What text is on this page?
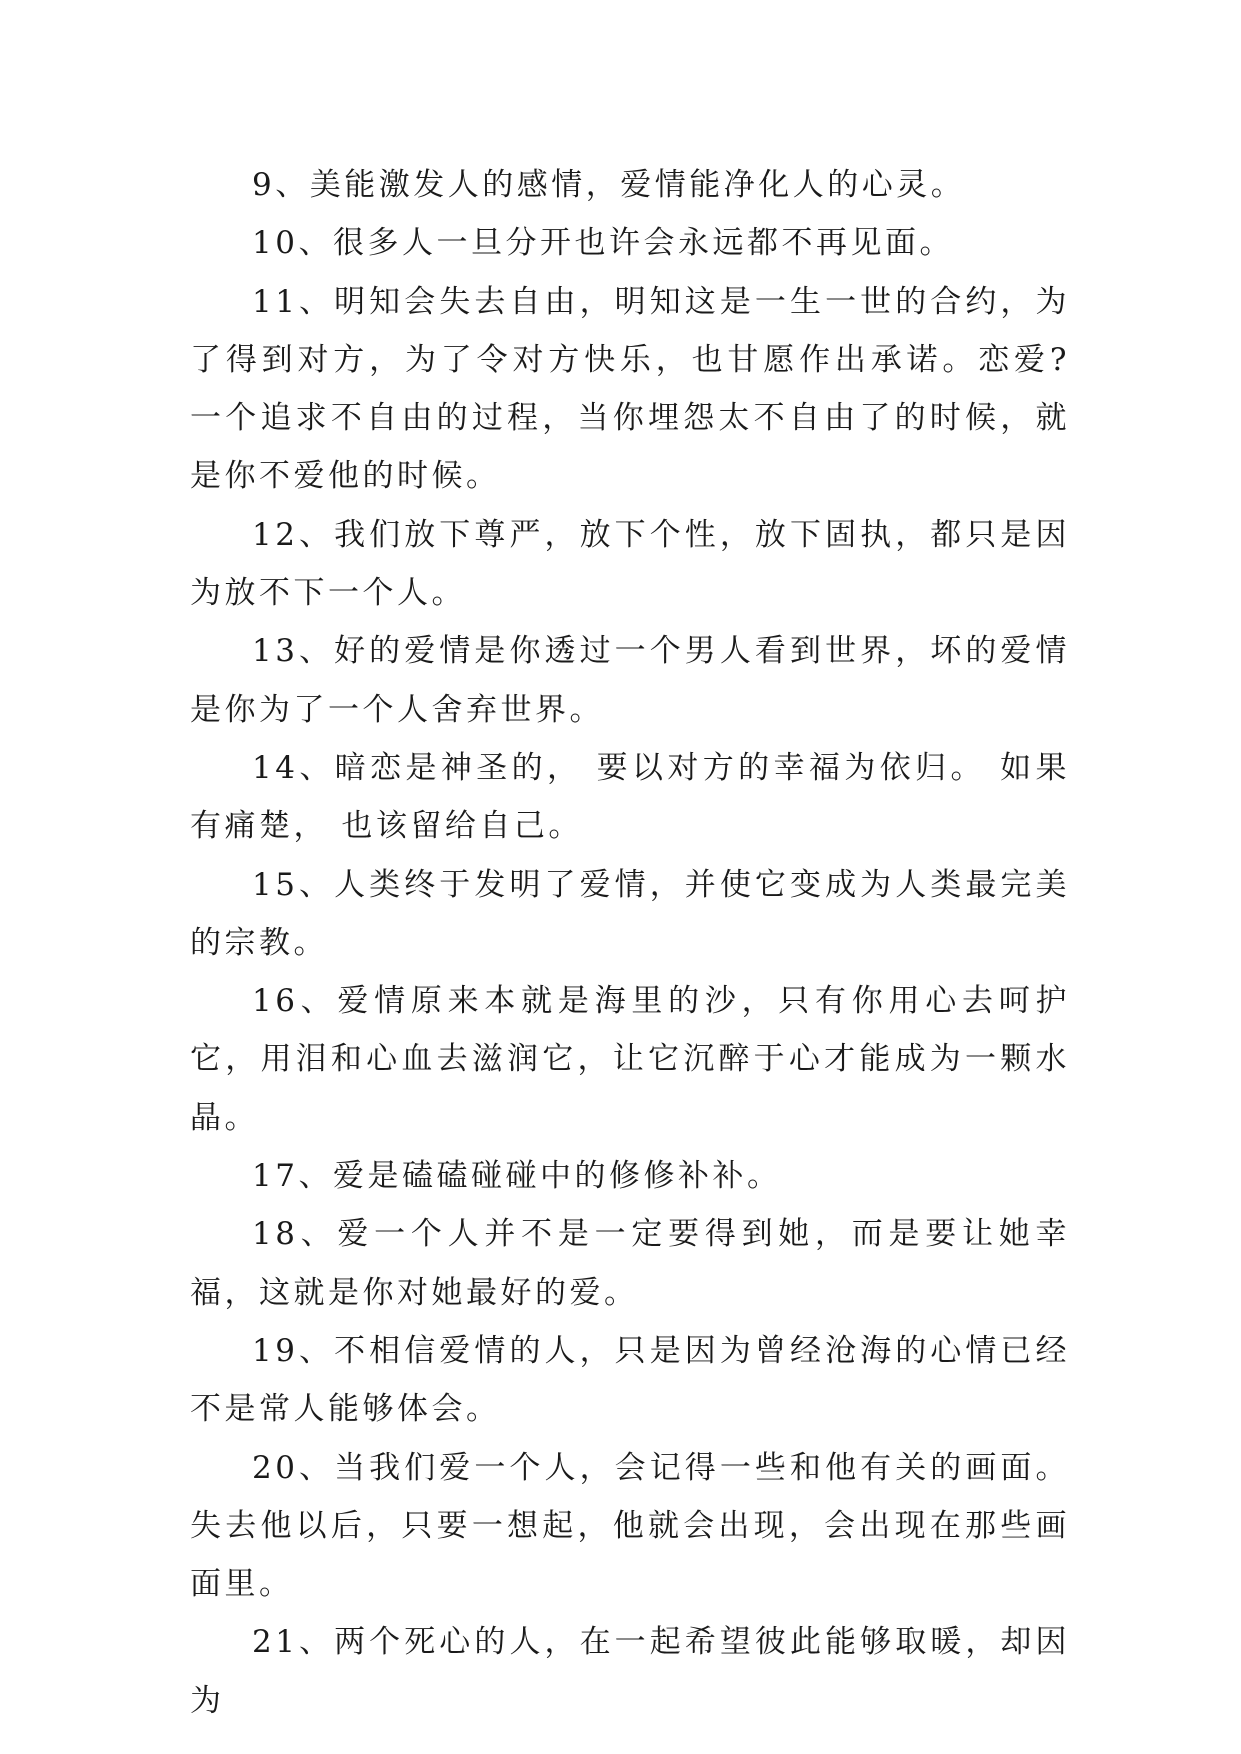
9、美能激发人的感情，爱情能净化人的心灵。

10、很多人一旦分开也许会永远都不再见面。

11、明知会失去自由，明知这是一生一世的合约，为了得到对方，为了令对方快乐，也甘愿作出承诺。恋爱?一个追求不自由的过程，当你埋怨太不自由了的时候，就是你不爱他的时候。

12、我们放下尊严，放下个性，放下固执，都只是因为放不下一个人。

13、好的爱情是你透过一个男人看到世界，坏的爱情是你为了一个人舍弃世界。

14、暗恋是神圣的， 要以对方的幸福为依归。 如果有痛楚， 也该留给自己。

15、人类终于发明了爱情，并使它变成为人类最完美的宗教。

16、爱情原来本就是海里的沙，只有你用心去呵护它，用泪和心血去滋润它，让它沉醉于心才能成为一颗水晶。

17、爱是磕磕碰碰中的修修补补。

18、爱一个人并不是一定要得到她，而是要让她幸福，这就是你对她最好的爱。

19、不相信爱情的人，只是因为曾经沧海的心情已经不是常人能够体会。

20、当我们爱一个人，会记得一些和他有关的画面。失去他以后，只要一想起，他就会出现，会出现在那些画面里。

21、两个死心的人，在一起希望彼此能够取暖，却因为
